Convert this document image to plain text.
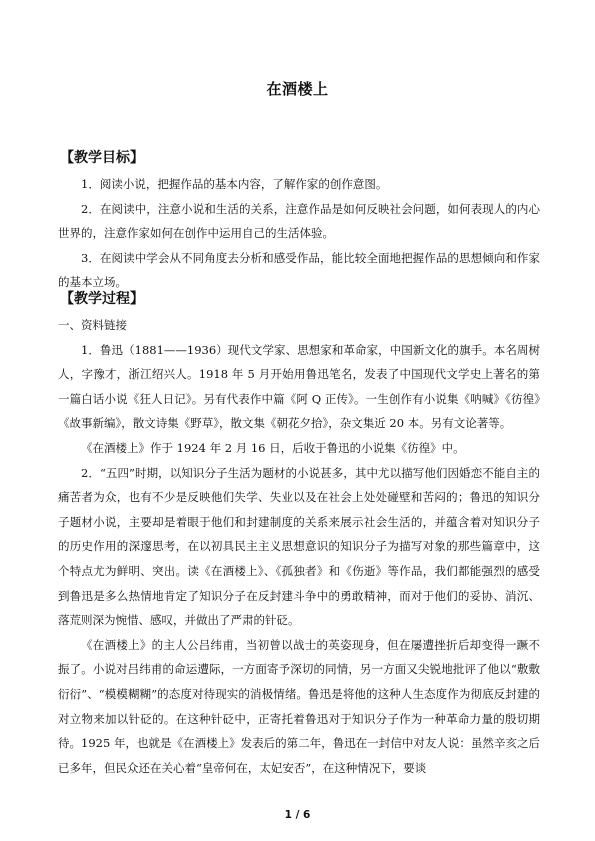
在酒楼上
【教学目标】

1．阅读小说，把握作品的基本内容，了解作家的创作意图。

2．在阅读中，注意小说和生活的关系，注意作品是如何反映社会问题，如何表现人的内心世界的，注意作家如何在创作中运用自己的生活体验。

3．在阅读中学会从不同角度去分析和感受作品，能比较全面地把握作品的思想倾向和作家的基本立场。

【教学过程】

一、资料链接

1．鲁迅（1881——1936）现代文学家、思想家和革命家，中国新文化的旗手。本名周树人，字豫才，浙江绍兴人。1918 年 5 月开始用鲁迅笔名，发表了中国现代文学史上著名的第一篇白话小说《狂人日记》。另有代表作中篇《阿 Q 正传》。一生创作有小说集《呐喊》《彷徨》《故事新编》，散文诗集《野草》，散文集《朝花夕拾》，杂文集近 20 本。另有文论著等。

《在酒楼上》作于 1924 年 2 月 16 日，后收于鲁迅的小说集《彷徨》中。

2．“五四”时期，以知识分子生活为题材的小说甚多，其中尤以描写他们因婚恋不能自主的痛苦者为众，也有不少是反映他们失学、失业以及在社会上处处碰壁和苦闷的；鲁迅的知识分子题材小说，主要却是着眼于他们和封建制度的关系来展示社会生活的，并蕴含着对知识分子的历史作用的深邃思考，在以初具民主主义思想意识的知识分子为描写对象的那些篇章中，这个特点尤为鲜明、突出。读《在酒楼上》、《孤独者》和《伤逝》等作品，我们都能强烈的感受到鲁迅是多么热情地肯定了知识分子在反封建斗争中的勇敢精神，而对于他们的妥协、消沉、落荒则深为惋惜、感叹，并做出了严肃的针砭。

《在酒楼上》的主人公吕纬甫，当初曾以战士的英姿现身，但在屡遭挫折后却变得一蹶不振了。小说对吕纬甫的命运遭际，一方面寄予深切的同情，另一方面又尖锐地批评了他以“敷敷衍衍”、“模模糊糊”的态度对待现实的消极情绪。鲁迅是将他的这种人生态度作为彻底反封建的对立物来加以针砭的。在这种针砭中，正寄托着鲁迅对于知识分子作为一种革命力量的殷切期待。1925 年，也就是《在酒楼上》发表后的第二年，鲁迅在一封信中对友人说：虽然辛亥之后已多年，但民众还在关心着“皇帝何在，太妃安否”，在这种情况下，要谈

1 / 6
